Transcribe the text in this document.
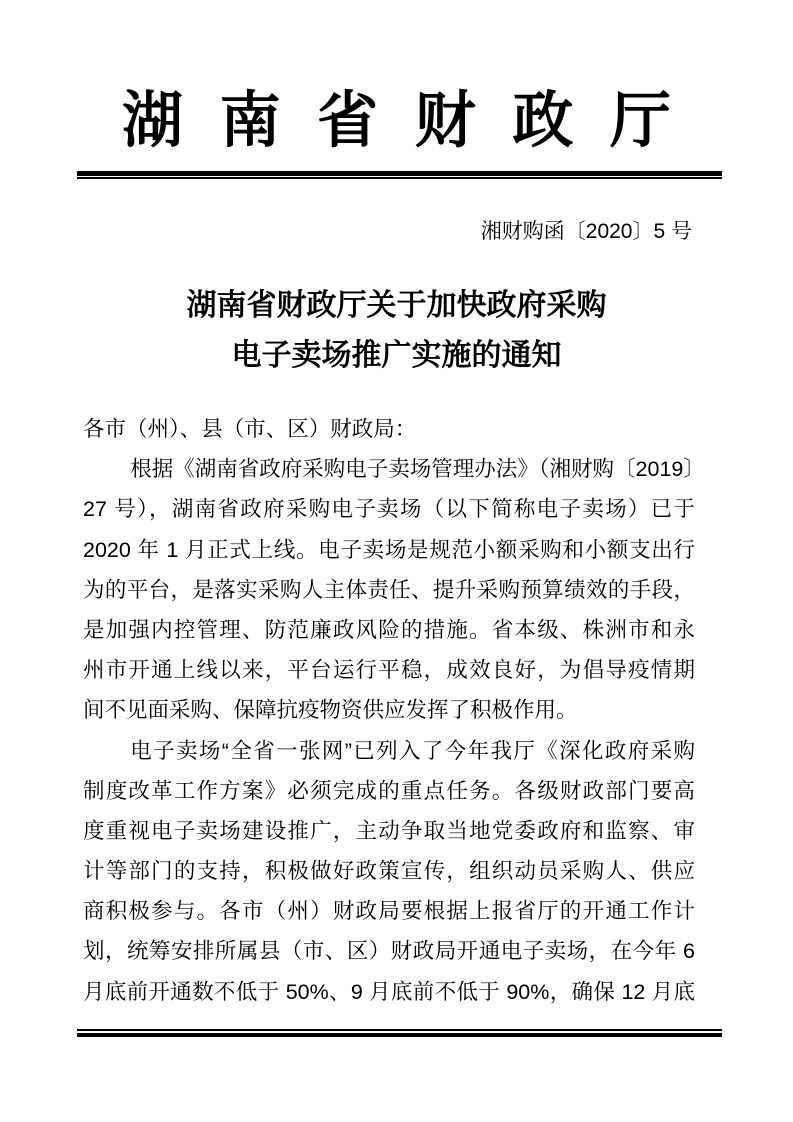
湖南省财政厅
湘财购函〔2020〕5 号
湖南省财政厅关于加快政府采购
电子卖场推广实施的通知
各市（州）、县（市、区）财政局：
根据《湖南省政府采购电子卖场管理办法》（湘财购〔2019〕
27 号），湖南省政府采购电子卖场（以下简称电子卖场）已于
2020 年 1 月正式上线。电子卖场是规范小额采购和小额支出行
为的平台，是落实采购人主体责任、提升采购预算绩效的手段，
是加强内控管理、防范廉政风险的措施。省本级、株洲市和永
州市开通上线以来，平台运行平稳，成效良好，为倡导疫情期
间不见面采购、保障抗疫物资供应发挥了积极作用。
电子卖场“全省一张网”已列入了今年我厅《深化政府采购
制度改革工作方案》必须完成的重点任务。各级财政部门要高
度重视电子卖场建设推广，主动争取当地党委政府和监察、审
计等部门的支持，积极做好政策宣传，组织动员采购人、供应
商积极参与。各市（州）财政局要根据上报省厅的开通工作计
划，统筹安排所属县（市、区）财政局开通电子卖场，在今年 6
月底前开通数不低于 50%、9 月底前不低于 90%，确保 12 月底
